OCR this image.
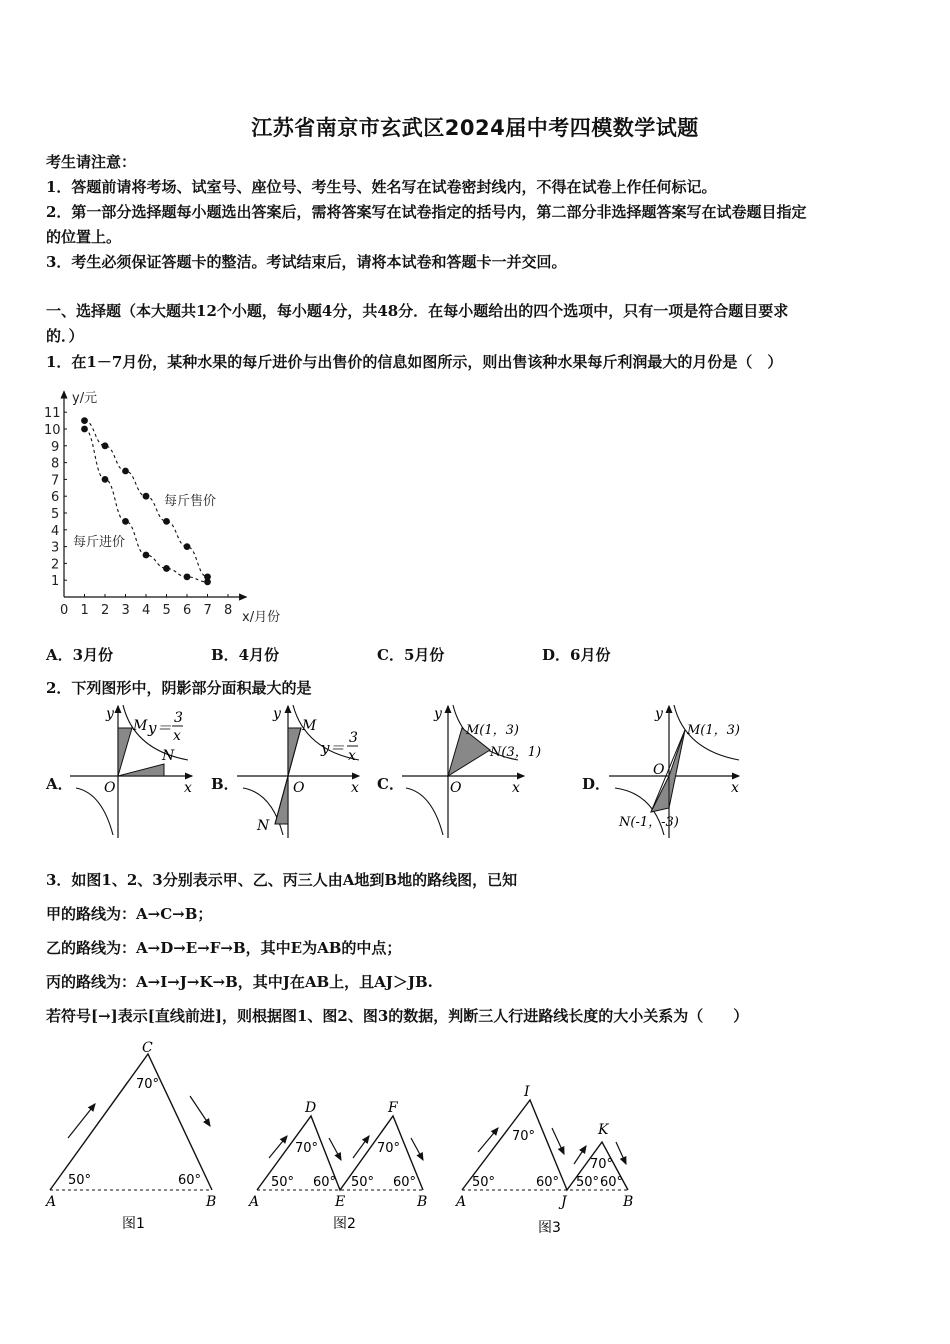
江苏省南京市玄武区2024届中考四模数学试题
考生请注意：
1．答题前请将考场、试室号、座位号、考生号、姓名写在试卷密封线内，不得在试卷上作任何标记。
2．第一部分选择题每小题选出答案后，需将答案写在试卷指定的括号内，第二部分非选择题答案写在试卷题目指定
的位置上。
3．考生必须保证答题卡的整洁。考试结束后，请将本试卷和答题卡一并交回。
一、选择题（本大题共12个小题，每小题4分，共48分．在每小题给出的四个选项中，只有一项是符合题目要求
的．）
1．在1－7月份，某种水果的每斤进价与出售价的信息如图所示，则出售该种水果每斤利润最大的月份是（　）
0 1 2 3 4 5 6 7 8
1
2
3
4
5
6
7
8
9
10
11
y/元
x/月份
每斤售价
每斤进价
A．3月份	B．4月份	C．5月份	D．6月份
2．下列图形中，阴影部分面积最大的是
A．	B．	C．	D．
y
x
O
M
N
y＝
3
x
y
x
O
M
N
y＝
3
x
y
x
O
M(1，3)
N(3，1)
y
x
O
M(1，3)
N(-1，-3)
3．如图1、2、3分别表示甲、乙、丙三人由A地到B地的路线图，已知
甲的路线为：A→C→B；
乙的路线为：A→D→E→F→B，其中E为AB的中点；
丙的路线为：A→I→J→K→B，其中J在AB上，且AJ＞JB.
若符号[→]表示[直线前进]，则根据图1、图2、图3的数据，判断三人行进路线长度的大小关系为（　　）
C
70°
50°	60°
A	B
图1
D	F
70°	70°
50° 60° 50° 60°
A	E	B
图2
I
K
70°
70°
50°	60° 50° 60°
A	J	B
图3
